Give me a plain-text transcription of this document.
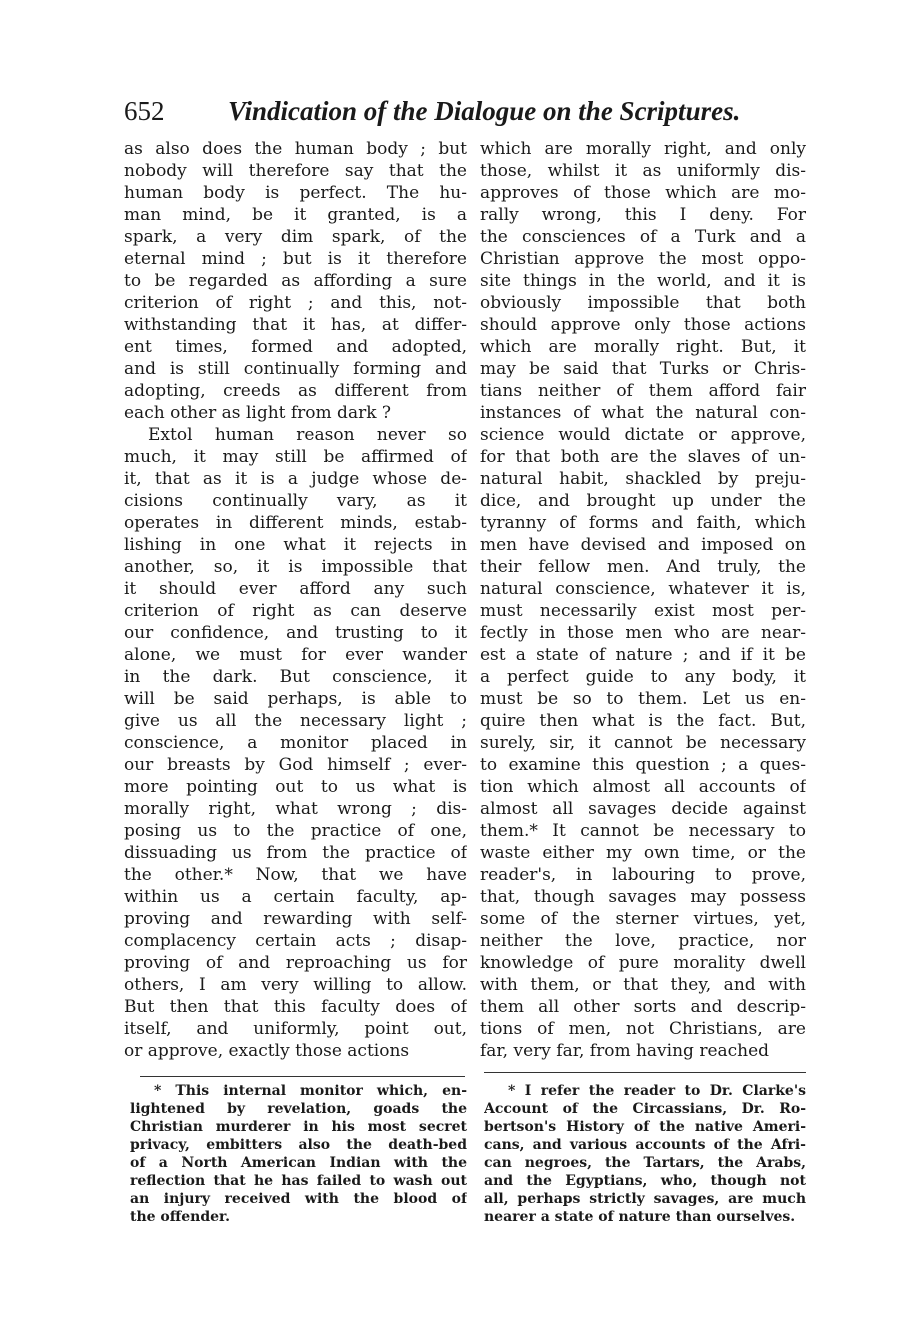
652 Vindication of the Dialogue on the Scriptures.
as also does the human body ; but
nobody will therefore say that the
human body is perfect. The hu-
man mind, be it granted, is a
spark, a very dim spark, of the
eternal mind ; but is it therefore
to be regarded as affording a sure
criterion of right ; and this, not-
withstanding that it has, at differ-
ent times, formed and adopted,
and is still continually forming and
adopting, creeds as different from
each other as light from dark ?
Extol human reason never so
much, it may still be affirmed of
it, that as it is a judge whose de-
cisions continually vary, as it
operates in different minds, estab-
lishing in one what it rejects in
another, so, it is impossible that
it should ever afford any such
criterion of right as can deserve
our confidence, and trusting to it
alone, we must for ever wander
in the dark. But conscience, it
will be said perhaps, is able to
give us all the necessary light ;
conscience, a monitor placed in
our breasts by God himself ; ever-
more pointing out to us what is
morally right, what wrong ; dis-
posing us to the practice of one,
dissuading us from the practice of
the other.* Now, that we have
within us a certain faculty, ap-
proving and rewarding with self-
complacency certain acts ; disap-
proving of and reproaching us for
others, I am very willing to allow.
But then that this faculty does of
itself, and uniformly, point out,
or approve, exactly those actions
which are morally right, and only
those, whilst it as uniformly dis-
approves of those which are mo-
rally wrong, this I deny. For
the consciences of a Turk and a
Christian approve the most oppo-
site things in the world, and it is
obviously impossible that both
should approve only those actions
which are morally right. But, it
may be said that Turks or Chris-
tians neither of them afford fair
instances of what the natural con-
science would dictate or approve,
for that both are the slaves of un-
natural habit, shackled by preju-
dice, and brought up under the
tyranny of forms and faith, which
men have devised and imposed on
their fellow men. And truly, the
natural conscience, whatever it is,
must necessarily exist most per-
fectly in those men who are near-
est a state of nature ; and if it be
a perfect guide to any body, it
must be so to them. Let us en-
quire then what is the fact. But,
surely, sir, it cannot be necessary
to examine this question ; a ques-
tion which almost all accounts of
almost all savages decide against
them.* It cannot be necessary to
waste either my own time, or the
reader's, in labouring to prove,
that, though savages may possess
some of the sterner virtues, yet,
neither the love, practice, nor
knowledge of pure morality dwell
with them, or that they, and with
them all other sorts and descrip-
tions of men, not Christians, are
far, very far, from having reached
* This internal monitor which, en-
lightened by revelation, goads the
Christian murderer in his most secret
privacy, embitters also the death-bed
of a North American Indian with the
reflection that he has failed to wash out
an injury received with the blood of
the offender.
* I refer the reader to Dr. Clarke's
Account of the Circassians, Dr. Ro-
bertson's History of the native Ameri-
cans, and various accounts of the Afri-
can negroes, the Tartars, the Arabs,
and the Egyptians, who, though not
all, perhaps strictly savages, are much
nearer a state of nature than ourselves.
